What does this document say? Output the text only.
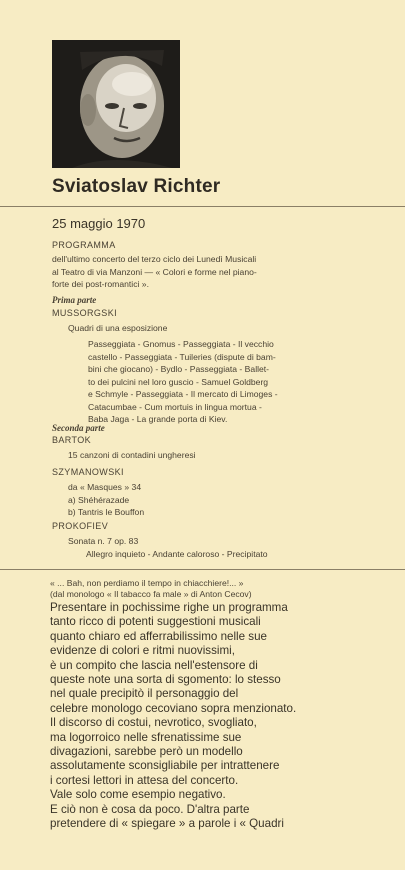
Sviatoslav Richter
25 maggio 1970
PROGRAMMA
dell'ultimo concerto del terzo ciclo dei Lunedì Musicali
al Teatro di via Manzoni — « Colori e forme nel piano-
forte dei post-romantici ».
Prima parte
MUSSORGSKI
Quadri di una esposizione
Passeggiata - Gnomus - Passeggiata - Il vecchio
castello - Passeggiata - Tuileries (dispute di bam-
bini che giocano) - Bydlo - Passeggiata - Ballet-
to dei pulcini nel loro guscio - Samuel Goldberg
e Schmyle - Passeggiata - Il mercato di Limoges -
Catacumbae - Cum mortuis in lingua mortua -
Baba Jaga - La grande porta di Kiev.
Seconda parte
BARTOK
15 canzoni di contadini ungheresi
SZYMANOWSKI
da « Masques » 34
a) Shéhérazade
b) Tantris le Bouffon
PROKOFIEV
Sonata n. 7 op. 83
Allegro inquieto - Andante caloroso - Precipitato
« ... Bah, non perdiamo il tempo in chiacchiere!... »
(dal monologo « Il tabacco fa male » di Anton Cecov)
Presentare in pochissime righe un programma
tanto ricco di potenti suggestioni musicali
quanto chiaro ed afferrabilissimo nelle sue
evidenze di colori e ritmi nuovissimi,
è un compito che lascia nell'estensore di
queste note una sorta di sgomento: lo stesso
nel quale precipitò il personaggio del
celebre monologo cecoviano sopra menzionato.
Il discorso di costui, nevrotico, svogliato,
ma logorroico nelle sfrenatissime sue
divagazioni, sarebbe però un modello
assolutamente sconsigliabile per intrattenere
i cortesi lettori in attesa del concerto.
Vale solo come esempio negativo.
E ciò non è cosa da poco. D'altra parte
pretendere di « spiegare » a parole i « Quadri
